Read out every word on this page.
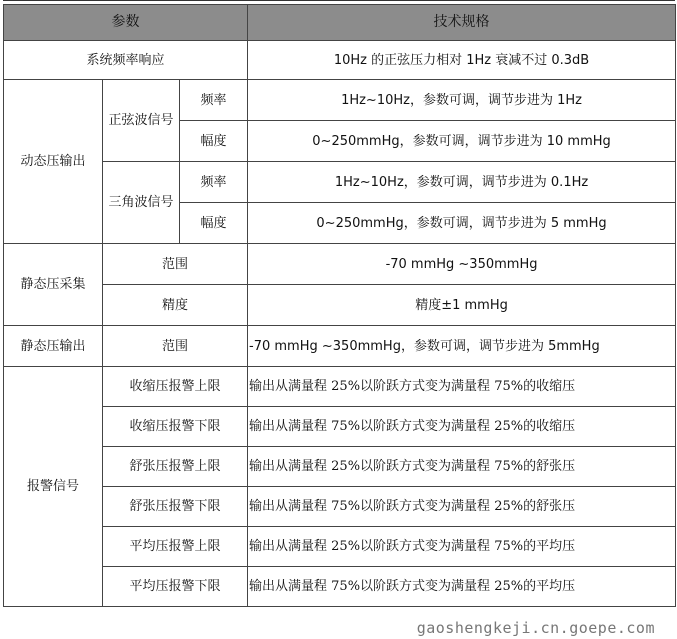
参数			技术规格
系统频率响应			10Hz 的正弦压力相对 1Hz 衰减不过 0.3dB
动态压输出	正弦波信号	频率	1Hz~10Hz，参数可调，调节步进为 1Hz
		幅度	0~250mmHg，参数可调，调节步进为 10 mmHg
	三角波信号	频率	1Hz~10Hz，参数可调，调节步进为 0.1Hz
		幅度	0~250mmHg，参数可调，调节步进为 5 mmHg
静态压采集	范围		-70 mmHg ~350mmHg
	精度		精度±1 mmHg
静态压输出	范围		-70 mmHg ~350mmHg，参数可调，调节步进为 5mmHg
报警信号	收缩压报警上限		输出从满量程 25%以阶跃方式变为满量程 75%的收缩压
	收缩压报警下限		输出从满量程 75%以阶跃方式变为满量程 25%的收缩压
	舒张压报警上限		输出从满量程 25%以阶跃方式变为满量程 75%的舒张压
	舒张压报警下限		输出从满量程 75%以阶跃方式变为满量程 25%的舒张压
	平均压报警上限		输出从满量程 25%以阶跃方式变为满量程 75%的平均压
	平均压报警下限		输出从满量程 75%以阶跃方式变为满量程 25%的平均压
gaoshengkeji.cn.goepe.com
